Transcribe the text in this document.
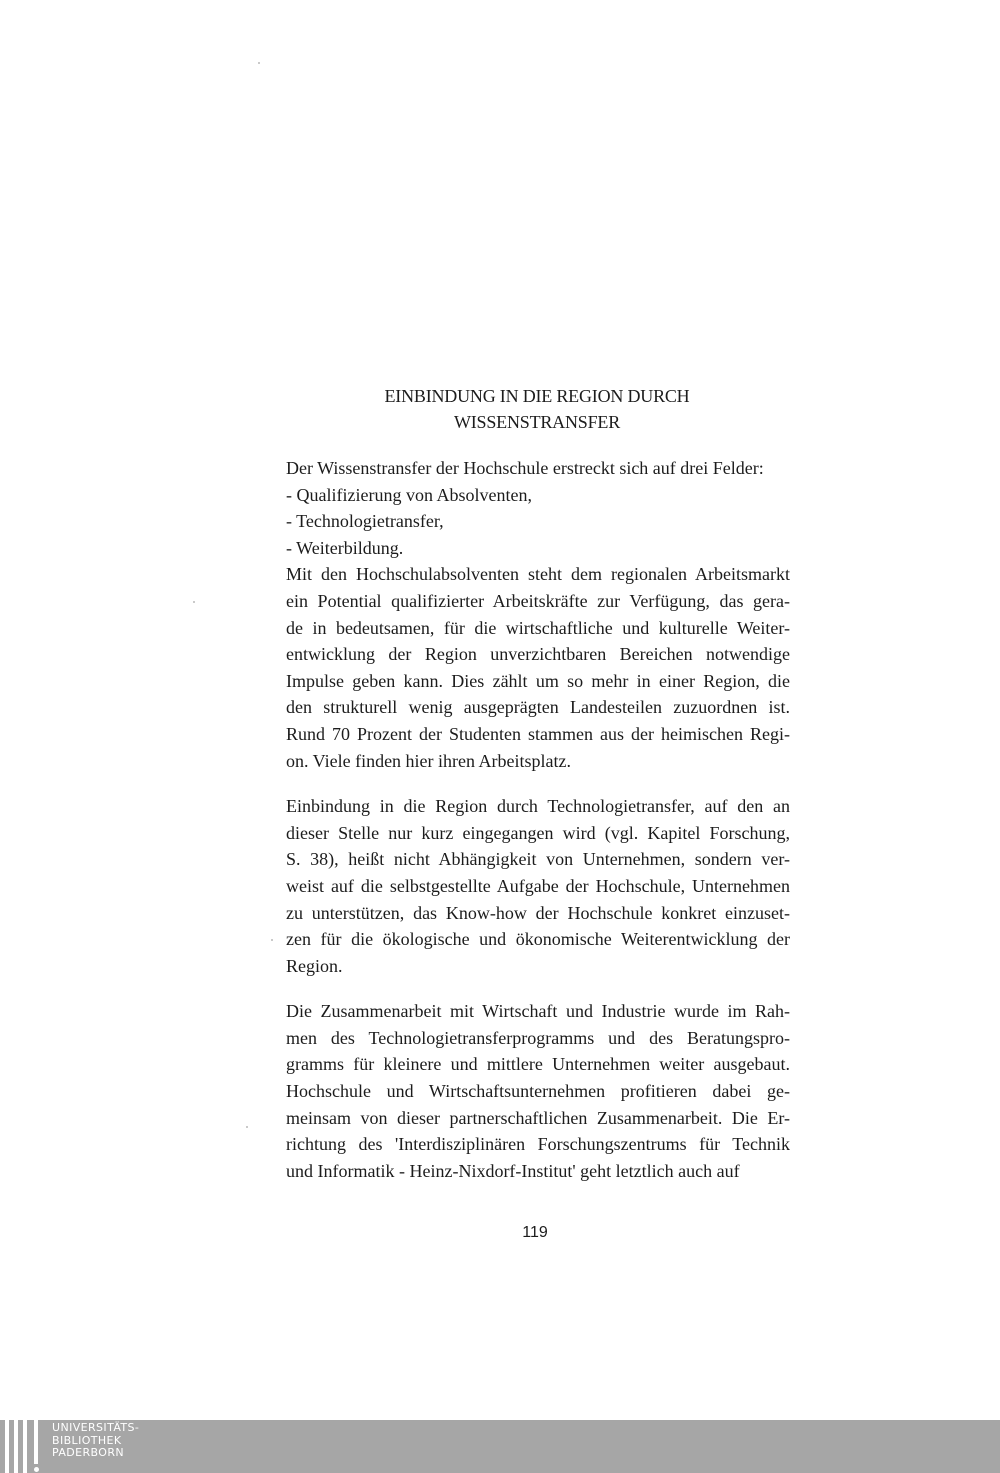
EINBINDUNG IN DIE REGION DURCH
WISSENSTRANSFER
Der Wissenstransfer der Hochschule erstreckt sich auf drei Felder:
- Qualifizierung von Absolventen,
- Technologietransfer,
- Weiterbildung.
Mit den Hochschulabsolventen steht dem regionalen Arbeitsmarkt
ein Potential qualifizierter Arbeitskräfte zur Verfügung, das gera-
de in bedeutsamen, für die wirtschaftliche und kulturelle Weiter-
entwicklung der Region unverzichtbaren Bereichen notwendige
Impulse geben kann. Dies zählt um so mehr in einer Region, die
den strukturell wenig ausgeprägten Landesteilen zuzuordnen ist.
Rund 70 Prozent der Studenten stammen aus der heimischen Regi-
on. Viele finden hier ihren Arbeitsplatz.
Einbindung in die Region durch Technologietransfer, auf den an
dieser Stelle nur kurz eingegangen wird (vgl. Kapitel Forschung,
S. 38), heißt nicht Abhängigkeit von Unternehmen, sondern ver-
weist auf die selbstgestellte Aufgabe der Hochschule, Unternehmen
zu unterstützen, das Know-how der Hochschule konkret einzuset-
zen für die ökologische und ökonomische Weiterentwicklung der
Region.
Die Zusammenarbeit mit Wirtschaft und Industrie wurde im Rah-
men des Technologietransferprogramms und des Beratungspro-
gramms für kleinere und mittlere Unternehmen weiter ausgebaut.
Hochschule und Wirtschaftsunternehmen profitieren dabei ge-
meinsam von dieser partnerschaftlichen Zusammenarbeit. Die Er-
richtung des 'Interdisziplinären Forschungszentrums für Technik
und Informatik - Heinz-Nixdorf-Institut' geht letztlich auch auf
119
UNIVERSITÄTS-
BIBLIOTHEK
PADERBORN
